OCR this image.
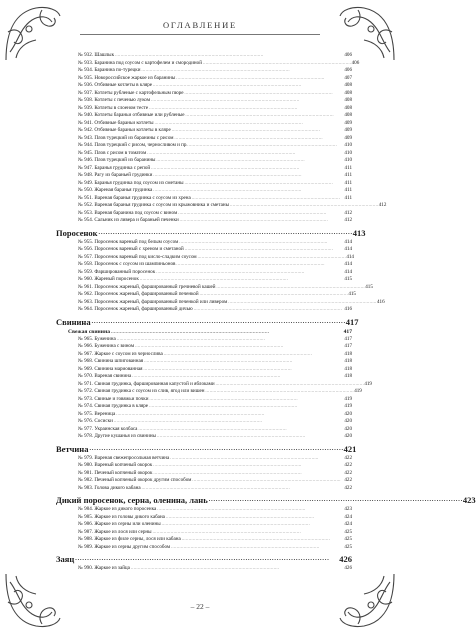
ОГЛАВЛЕНИЕ
№ 932. Шашлык . . .	406
№ 933. Баранина под соусом с картофелем и смородиной . . .	406
№ 934. Баранина по-турецки . . .	406
№ 935. Новороссийское жаркое из баранины . . .	407
№ 936. Отбивные котлеты в кляре . . .	408
№ 937. Котлеты рубленые с картофельным пюре . . .	408
№ 938. Котлеты с печенью луком . . .	408
№ 939. Котлеты в слоеном тесте . . .	408
№ 940. Котлеты бараньи отбивные или рубленые . . .	408
№ 941. Отбивные бараньи котлеты . . .	409
№ 942. Отбивные бараньи котлеты в кляре . . .	409
№ 943. Плов турецкий из баранины с рисом . . .	409
№ 944. Плов турецкий с рисом, черносливом и пр. . . .	410
№ 945. Плов с рисом в томатом . . .	410
№ 946. Плов турецкий из баранины . . .	410
№ 947. Баранья грудинка с репой . . .	411
№ 948. Рагу из бараньей грудинки . . .	411
№ 949. Баранья грудинка под соусом из сметаны . . .	411
№ 950. Жареная баранья грудинка . . .	411
№ 951. Вареная баранья грудинка с соусом из хрена . . .	411
№ 952. Вареная баранья грудинка с соусом из крыжовника и сметаны . . .	412
№ 953. Вареная баранина под соусом с вином . . .	412
№ 954. Сальник из ливера и бараньей печенки . . .	412
Поросенок . . .	413
№ 955. Поросенок вареный под белым соусом . . .	414
№ 956. Поросенок вареный с хреном и сметаной . . .	414
№ 957. Поросенок вареный под кисло-сладким соусом . . .	414
№ 958. Поросенок с соусом из шампиньонов . . .	414
№ 959. Фаршированный поросенок . . .	414
№ 960. Жареный поросенок . . .	415
№ 961. Поросенок жареный, фаршированный гречневой кашей . . .	415
№ 962. Поросенок жареный, фаршированный печенкой . . .	415
№ 963. Поросенок жареный, фаршированный печенкой или ливером . . .	416
№ 964. Поросенок жареный, фаршированный дичью . . .	416
Свинина . . .	417
Свежая свинина . . .	417
№ 965. Буженина . . .	417
№ 966. Буженина с вином . . .	417
№ 967. Жаркое с соусом из чернослива . . .	418
№ 968. Свинина шпигованная . . .	418
№ 969. Свинина мариованная . . .	418
№ 970. Вареная свинина . . .	418
№ 971. Свиная грудинка, фаршированная капустой и яблоками . . .	419
№ 972. Свиная грудинка с соусом из слив, ягод или вишен . . .	419
№ 973. Свиные и говяжьи почки . . .	419
№ 974. Свиная грудинка в кляре . . .	419
№ 975. Вереница . . .	420
№ 976. Сосиски . . .	420
№ 977. Украинская колбаса . . .	420
№ 978. Другие кушанья из свинины . . .	420
Ветчина . . .	421
№ 979. Вареная свежепросольная ветчина . . .	422
№ 980. Вареный копченый окорок . . .	422
№ 981. Печеный копченый окорок . . .	422
№ 982. Печеный копченый окорок другим способом . . .	422
№ 983. Голова дикого кабана . . .	422
Дикий поросенок, серна, оленина, лань . . .	423
№ 984. Жаркое из дикого поросенка . . .	423
№ 985. Жаркое из головы дикого кабана . . .	424
№ 986. Жаркое из серны или оленины . . .	424
№ 987. Жаркое из лося или серны . . .	425
№ 988. Жаркое из филе серны, лося или кабана . . .	425
№ 989. Жаркое из серны другим способом . . .	425
Заяц . . .	426
№ 990. Жаркое из зайца . . .	426
– 22 –
